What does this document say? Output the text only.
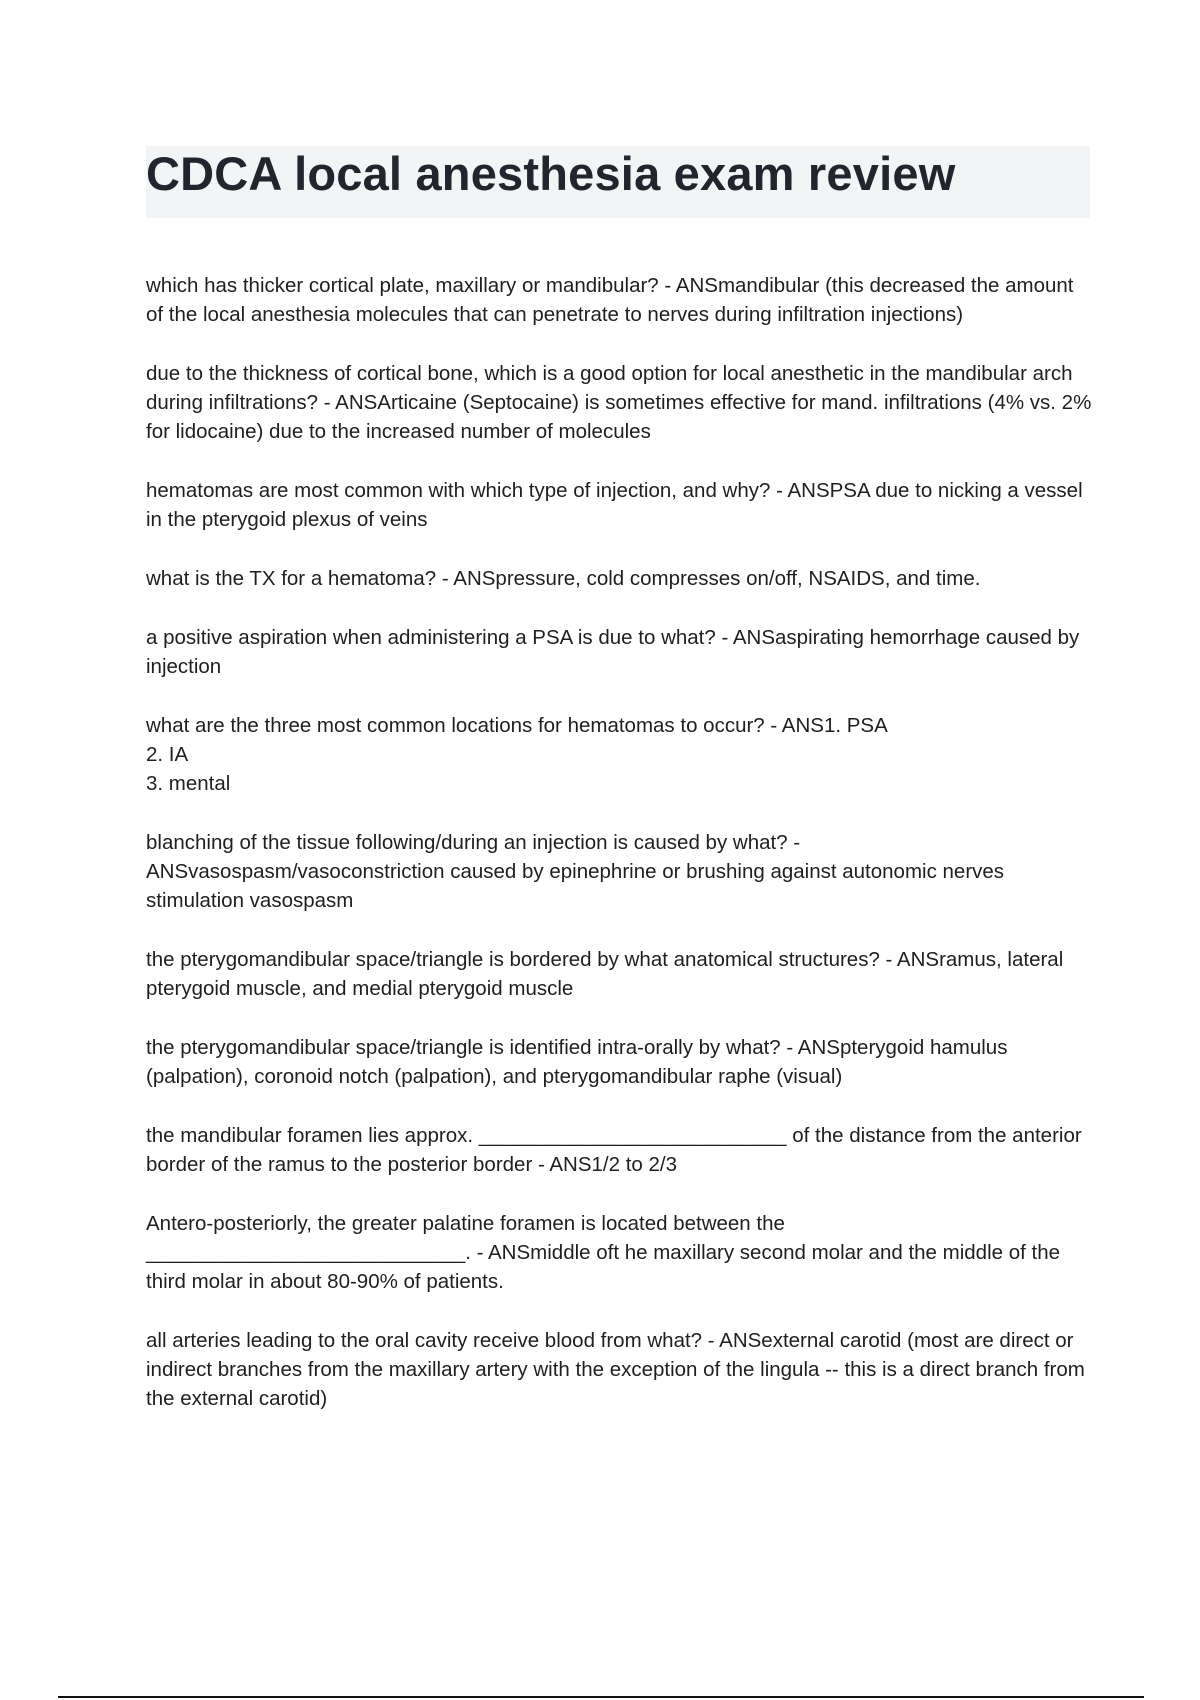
CDCA local anesthesia exam review

which has thicker cortical plate, maxillary or mandibular? - ANSmandibular (this decreased the amount of the local anesthesia molecules that can penetrate to nerves during infiltration injections)

due to the thickness of cortical bone, which is a good option for local anesthetic in the mandibular arch during infiltrations? - ANSArticaine (Septocaine) is sometimes effective for mand. infiltrations (4% vs. 2% for lidocaine) due to the increased number of molecules

hematomas are most common with which type of injection, and why? - ANSPSA due to nicking a vessel in the pterygoid plexus of veins

what is the TX for a hematoma? - ANSpressure, cold compresses on/off, NSAIDS, and time.

a positive aspiration when administering a PSA is due to what? - ANSaspirating hemorrhage caused by injection

what are the three most common locations for hematomas to occur? - ANS1. PSA
2. IA
3. mental

blanching of the tissue following/during an injection is caused by what? - ANSvasospasm/vasoconstriction caused by epinephrine or brushing against autonomic nerves stimulation vasospasm

the pterygomandibular space/triangle is bordered by what anatomical structures? - ANSramus, lateral pterygoid muscle, and medial pterygoid muscle

the pterygomandibular space/triangle is identified intra-orally by what? - ANSpterygoid hamulus (palpation), coronoid notch (palpation), and pterygomandibular raphe (visual)

the mandibular foramen lies approx. ___________________________ of the distance from the anterior border of the ramus to the posterior border - ANS1/2 to 2/3

Antero-posteriorly, the greater palatine foramen is located between the
____________________________. - ANSmiddle oft he maxillary second molar and the middle of the third molar in about 80-90% of patients.

all arteries leading to the oral cavity receive blood from what? - ANSexternal carotid (most are direct or indirect branches from the maxillary artery with the exception of the lingula -- this is a direct branch from the external carotid)
